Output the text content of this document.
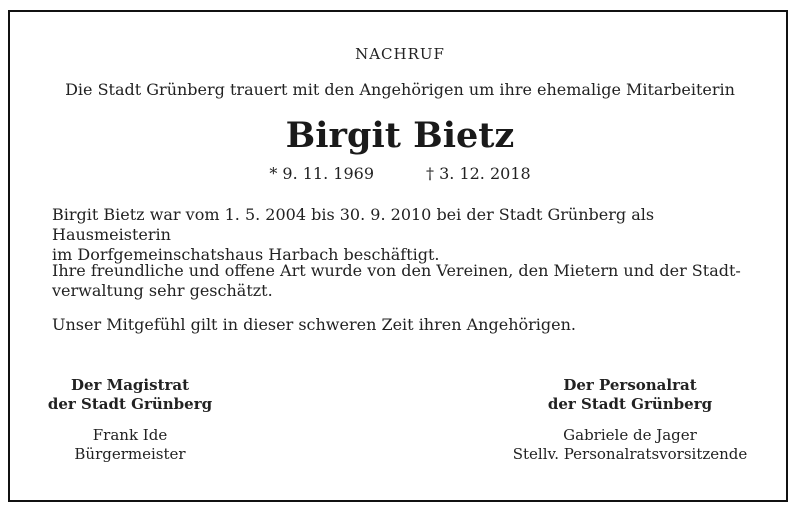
NACHRUF
Die Stadt Grünberg trauert mit den Angehörigen um ihre ehemalige Mitarbeiterin
Birgit Bietz
* 9. 11. 1969	† 3. 12. 2018
Birgit Bietz war vom 1. 5. 2004 bis 30. 9. 2010 bei der Stadt Grünberg als Hausmeisterin
im Dorfgemeinschatshaus Harbach beschäftigt.
Ihre freundliche und offene Art wurde von den Vereinen, den Mietern und der Stadt-
verwaltung sehr geschätzt.
Unser Mitgefühl gilt in dieser schweren Zeit ihren Angehörigen.
Der Magistrat
der Stadt Grünberg
Frank Ide
Bürgermeister
Der Personalrat
der Stadt Grünberg
Gabriele de Jager
Stellv. Personalratsvorsitzende
